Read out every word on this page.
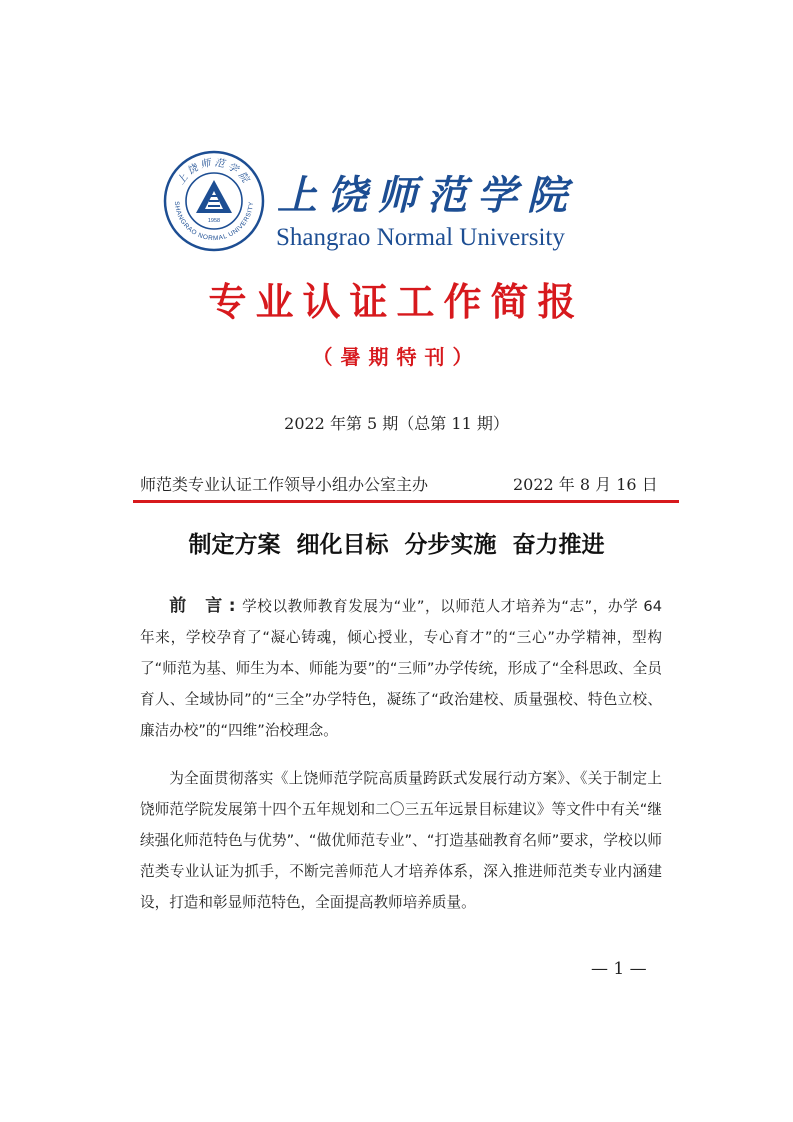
上饶师范学院
SHANGRAO NORMAL UNIVERSITY
1958
上饶师范学院
Shangrao Normal University
专业认证工作简报
（暑期特刊）
2022 年第 5 期（总第 11 期）
师范类专业认证工作领导小组办公室主办	2022 年 8 月 16 日
制定方案  细化目标  分步实施  奋力推进
前 言:学校以教师教育发展为“业”，以师范人才培养为“志”，办学 64 年来，学校孕育了“凝心铸魂，倾心授业，专心育才”的“三心”办学精神，型构了“师范为基、师生为本、师能为要”的“三师”办学传统，形成了“全科思政、全员育人、全域协同”的“三全”办学特色，凝练了“政治建校、质量强校、特色立校、廉洁办校”的“四维”治校理念。
为全面贯彻落实《上饶师范学院高质量跨跃式发展行动方案》、《关于制定上饶师范学院发展第十四个五年规划和二〇三五年远景目标建议》等文件中有关“继续强化师范特色与优势”、“做优师范专业”、“打造基础教育名师”要求，学校以师范类专业认证为抓手，不断完善师范人才培养体系，深入推进师范类专业内涵建设，打造和彰显师范特色，全面提高教师培养质量。
— 1 —
